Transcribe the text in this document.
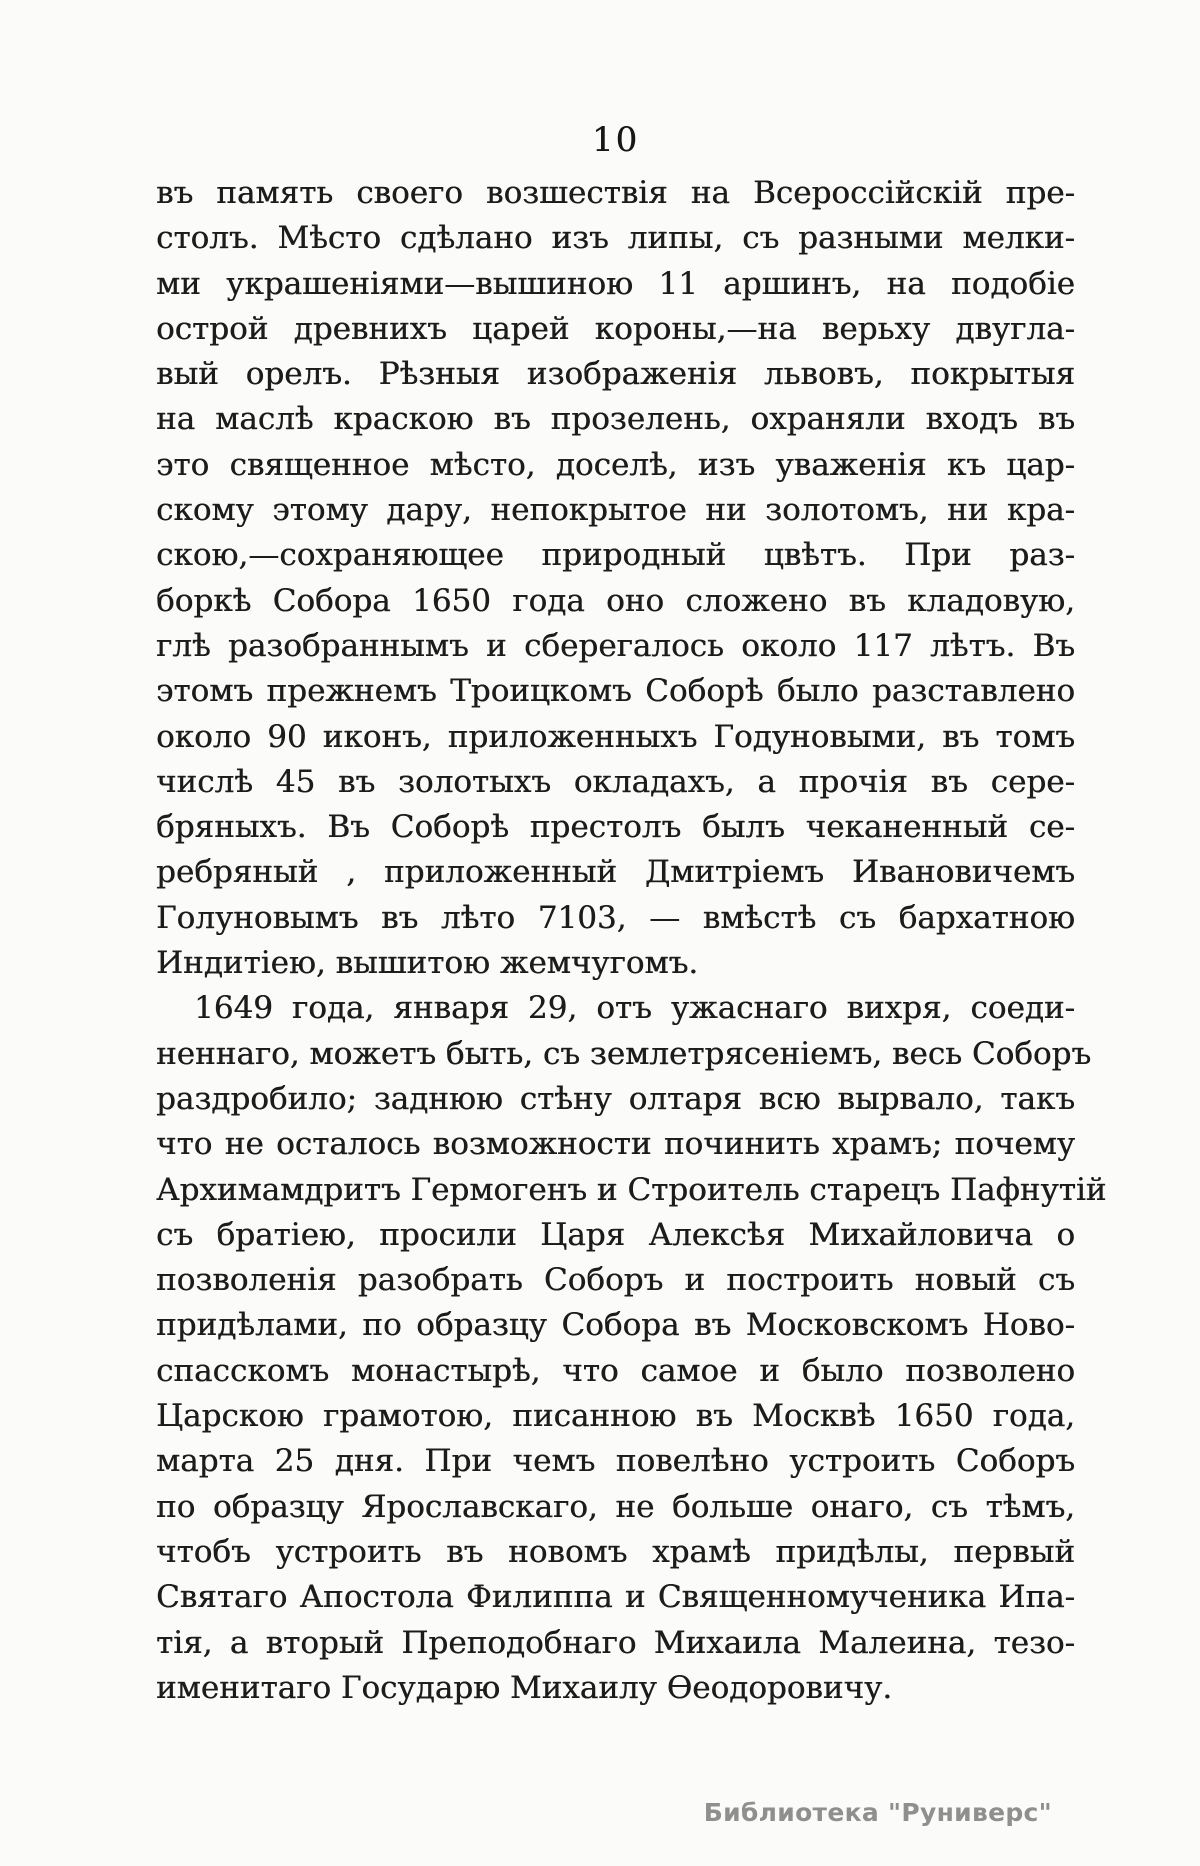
10
въ память своего возшествія на Всероссійскій пре-
столъ. Мѣсто сдѣлано изъ липы, съ разными мелки-
ми украшеніями—вышиною 11 аршинъ, на подобіе
острой древнихъ царей короны,—на верьху двугла-
вый орелъ. Рѣзныя изображенія львовъ, покрытыя
на маслѣ краскою въ прозелень, охраняли входъ въ
это священное мѣсто, доселѣ, изъ уваженія къ цар-
скому этому дару, непокрытое ни золотомъ, ни кра-
скою,—сохраняющее природный цвѣтъ. При раз-
боркѣ Собора 1650 года оно сложено въ кладовую,
глѣ разобраннымъ и сберегалось около 117 лѣтъ. Въ
этомъ прежнемъ Троицкомъ Соборѣ было разставлено
около 90 иконъ, приложенныхъ Годуновыми, въ томъ
числѣ 45 въ золотыхъ окладахъ, а прочія въ сере-
бряныхъ. Въ Соборѣ престолъ былъ чеканенный се-
ребряный , приложенный Дмитріемъ Ивановичемъ
Голуновымъ въ лѣто 7103, — вмѣстѣ съ бархатною
Индитіею, вышитою жемчугомъ.
1649 года, января 29, отъ ужаснаго вихря, соеди-
неннаго, можетъ быть, съ землетрясеніемъ, весь Соборъ
раздробило; заднюю стѣну олтаря всю вырвало, такъ
что не осталось возможности починить храмъ; почему
Архимамдритъ Гермогенъ и Строитель старецъ Пафнутій
съ братіею, просили Царя Алексѣя Михайловича о
позволенія разобрать Соборъ и построить новый съ
придѣлами, по образцу Собора въ Московскомъ Ново-
спасскомъ монастырѣ, что самое и было позволено
Царскою грамотою, писанною въ Москвѣ 1650 года,
марта 25 дня. При чемъ повелѣно устроить Соборъ
по образцу Ярославскаго, не больше онаго, съ тѣмъ,
чтобъ устроить въ новомъ храмѣ придѣлы, первый
Святаго Апостола Филиппа и Священномученика Ипа-
тія, а вторый Преподобнаго Михаила Малеина, тезо-
именитаго Государю Михаилу Ѳеодоровичу.
Библиотека "Руниверс"
